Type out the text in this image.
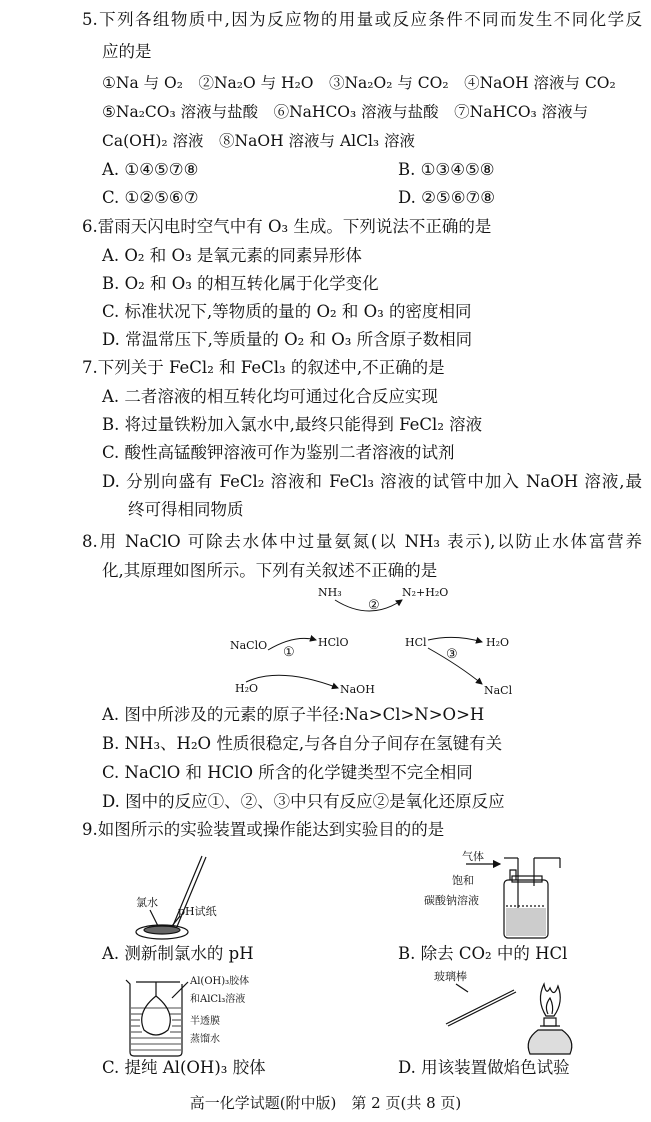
5.下列各组物质中,因为反应物的用量或反应条件不同而发生不同化学反
应的是
①Na 与 O₂　②Na₂O 与 H₂O　③Na₂O₂ 与 CO₂　④NaOH 溶液与 CO₂
⑤Na₂CO₃ 溶液与盐酸　⑥NaHCO₃ 溶液与盐酸　⑦NaHCO₃ 溶液与
Ca(OH)₂ 溶液　⑧NaOH 溶液与 AlCl₃ 溶液
A. ①④⑤⑦⑧	B. ①③④⑤⑧
C. ①②⑤⑥⑦	D. ②⑤⑥⑦⑧
6.雷雨天闪电时空气中有 O₃ 生成。下列说法不正确的是
A. O₂ 和 O₃ 是氧元素的同素异形体
B. O₂ 和 O₃ 的相互转化属于化学变化
C. 标准状况下,等物质的量的 O₂ 和 O₃ 的密度相同
D. 常温常压下,等质量的 O₂ 和 O₃ 所含原子数相同
7.下列关于 FeCl₂ 和 FeCl₃ 的叙述中,不正确的是
A. 二者溶液的相互转化均可通过化合反应实现
B. 将过量铁粉加入氯水中,最终只能得到 FeCl₂ 溶液
C. 酸性高锰酸钾溶液可作为鉴别二者溶液的试剂
D. 分别向盛有 FeCl₂ 溶液和 FeCl₃ 溶液的试管中加入 NaOH 溶液,最
终可得相同物质
8.用 NaClO 可除去水体中过量氨氮(以 NH₃ 表示),以防止水体富营养
化,其原理如图所示。下列有关叙述不正确的是
NH₃	N₂+H₂O
②
NaClO ①
HClO	HCl
③
H₂O
H₂O	NaOH	NaCl
A. 图中所涉及的元素的原子半径:Na>Cl>N>O>H
B. NH₃、H₂O 性质很稳定,与各自分子间存在氢键有关
C. NaClO 和 HClO 所含的化学键类型不完全相同
D. 图中的反应①、②、③中只有反应②是氧化还原反应
9.如图所示的实验装置或操作能达到实验目的的是
氯水
pH试纸
A. 测新制氯水的 pH
气体
饱和
碳酸钠溶液
B. 除去 CO₂ 中的 HCl
Al(OH)₃胶体
和AlCl₃溶液
半透膜
蒸馏水
C. 提纯 Al(OH)₃ 胶体
玻璃棒
D. 用该装置做焰色试验
高一化学试题(附中版)　第 2 页(共 8 页)
